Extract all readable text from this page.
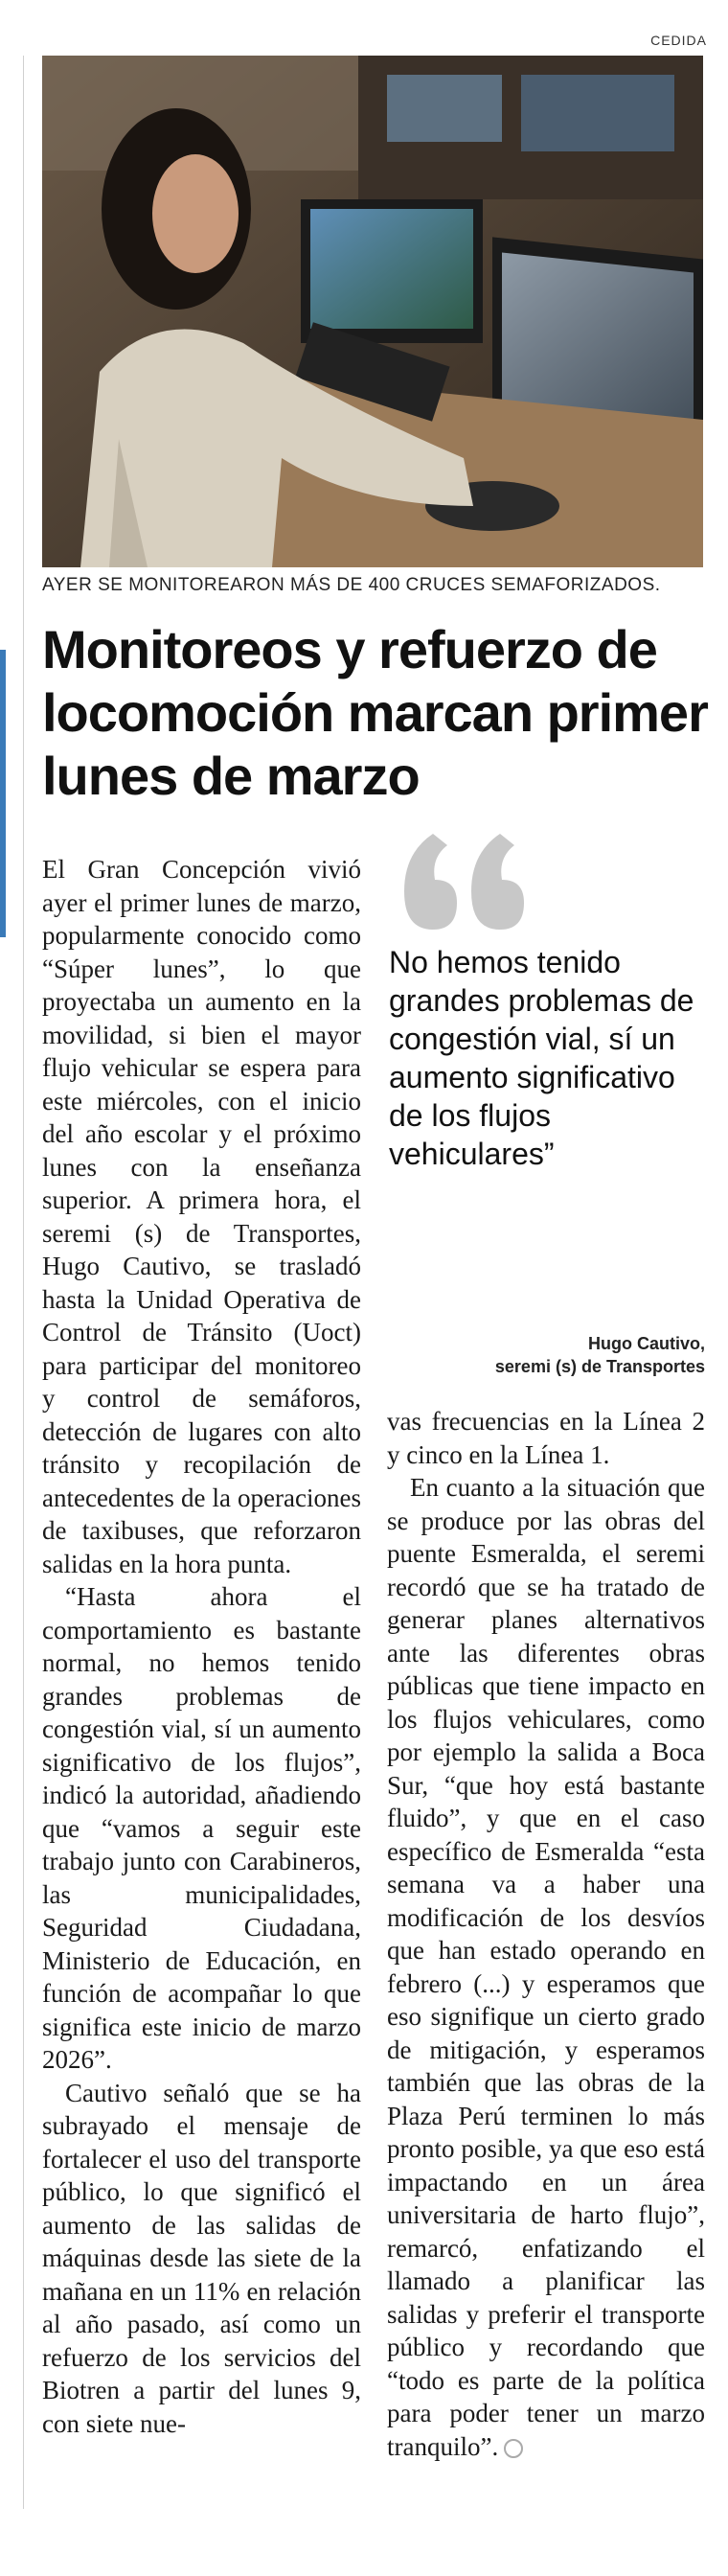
CEDIDA
AYER SE MONITOREARON MÁS DE 400 CRUCES SEMAFORIZADOS.
Monitoreos y refuerzo de locomoción marcan primer lunes de marzo

El Gran Concepción vivió ayer el primer lunes de marzo, popularmente conocido como “Súper lunes”, lo que proyectaba un aumento en la movilidad, si bien el mayor flujo vehicular se espera para este miércoles, con el inicio del año escolar y el próximo lunes con la enseñanza superior. A primera hora, el seremi (s) de Transportes, Hugo Cautivo, se trasladó hasta la Unidad Operativa de Control de Tránsito (Uoct) para participar del monitoreo y control de semáforos, detección de lugares con alto tránsito y recopilación de antecedentes de la operaciones de taxibuses, que reforzaron salidas en la hora punta.

“Hasta ahora el comportamiento es bastante normal, no hemos tenido grandes problemas de congestión vial, sí un aumento significativo de los flujos”, indicó la autoridad, añadiendo que “vamos a seguir este trabajo junto con Carabineros, las municipalidades, Seguridad Ciudadana, Ministerio de Educación, en función de acompañar lo que significa este inicio de marzo 2026”.

Cautivo señaló que se ha subrayado el mensaje de fortalecer el uso del transporte público, lo que significó el aumento de las salidas de máquinas desde las siete de la mañana en un 11% en relación al año pasado, así como un refuerzo de los servicios del Biotren a partir del lunes 9, con siete nue-

No hemos tenido grandes problemas de congestión vial, sí un aumento significativo de los flujos vehiculares”
Hugo Cautivo,
seremi (s) de Transportes

vas frecuencias en la Línea 2 y cinco en la Línea 1.

En cuanto a la situación que se produce por las obras del puente Esmeralda, el seremi recordó que se ha tratado de generar planes alternativos ante las diferentes obras públicas que tiene impacto en los flujos vehiculares, como por ejemplo la salida a Boca Sur, “que hoy está bastante fluido”, y que en el caso específico de Esmeralda “esta semana va a haber una modificación de los desvíos que han estado operando en febrero (...) y esperamos que eso signifique un cierto grado de mitigación, y esperamos también que las obras de la Plaza Perú terminen lo más pronto posible, ya que eso está impactando en un área universitaria de harto flujo”, remarcó, enfatizando el llamado a planificar las salidas y preferir el transporte público y recordando que “todo es parte de la política para poder tener un marzo tranquilo”.
